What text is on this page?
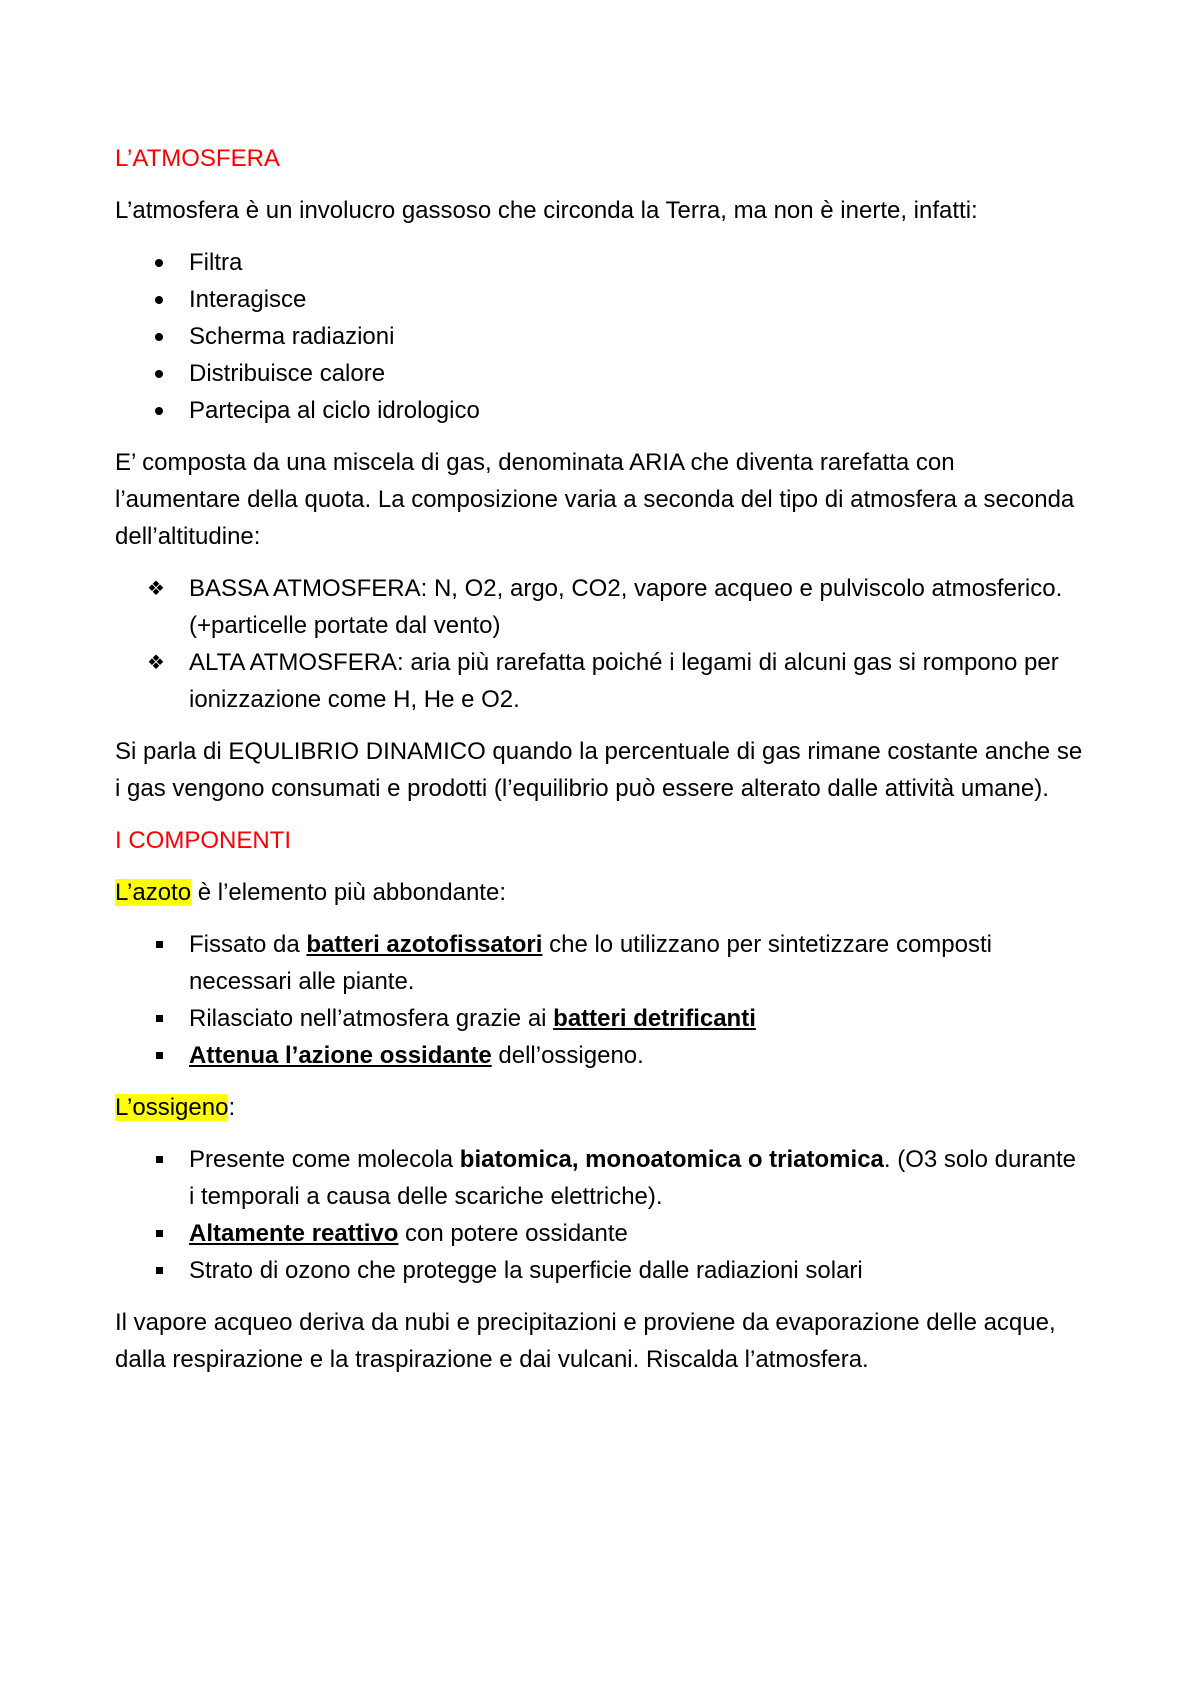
L’ATMOSFERA

L’atmosfera è un involucro gassoso che circonda la Terra, ma non è inerte, infatti:

Filtra
Interagisce
Scherma radiazioni
Distribuisce calore
Partecipa al ciclo idrologico

E’ composta da una miscela di gas, denominata ARIA che diventa rarefatta con l’aumentare della quota. La composizione varia a seconda del tipo di atmosfera a seconda dell’altitudine:

❖ BASSA ATMOSFERA: N, O2, argo, CO2, vapore acqueo e pulviscolo atmosferico. (+particelle portate dal vento)
❖ ALTA ATMOSFERA: aria più rarefatta poiché i legami di alcuni gas si rompono per ionizzazione come H, He e O2.

Si parla di EQULIBRIO DINAMICO quando la percentuale di gas rimane costante anche se i gas vengono consumati e prodotti (l’equilibrio può essere alterato dalle attività umane).

I COMPONENTI

L’azoto è l’elemento più abbondante:

Fissato da batteri azotofissatori che lo utilizzano per sintetizzare composti necessari alle piante.
Rilasciato nell’atmosfera grazie ai batteri detrificanti
Attenua l’azione ossidante dell’ossigeno.

L’ossigeno:

Presente come molecola biatomica, monoatomica o triatomica. (O3 solo durante i temporali a causa delle scariche elettriche).
Altamente reattivo con potere ossidante
Strato di ozono che protegge la superficie dalle radiazioni solari

Il vapore acqueo deriva da nubi e precipitazioni e proviene da evaporazione delle acque, dalla respirazione e la traspirazione e dai vulcani. Riscalda l’atmosfera.
